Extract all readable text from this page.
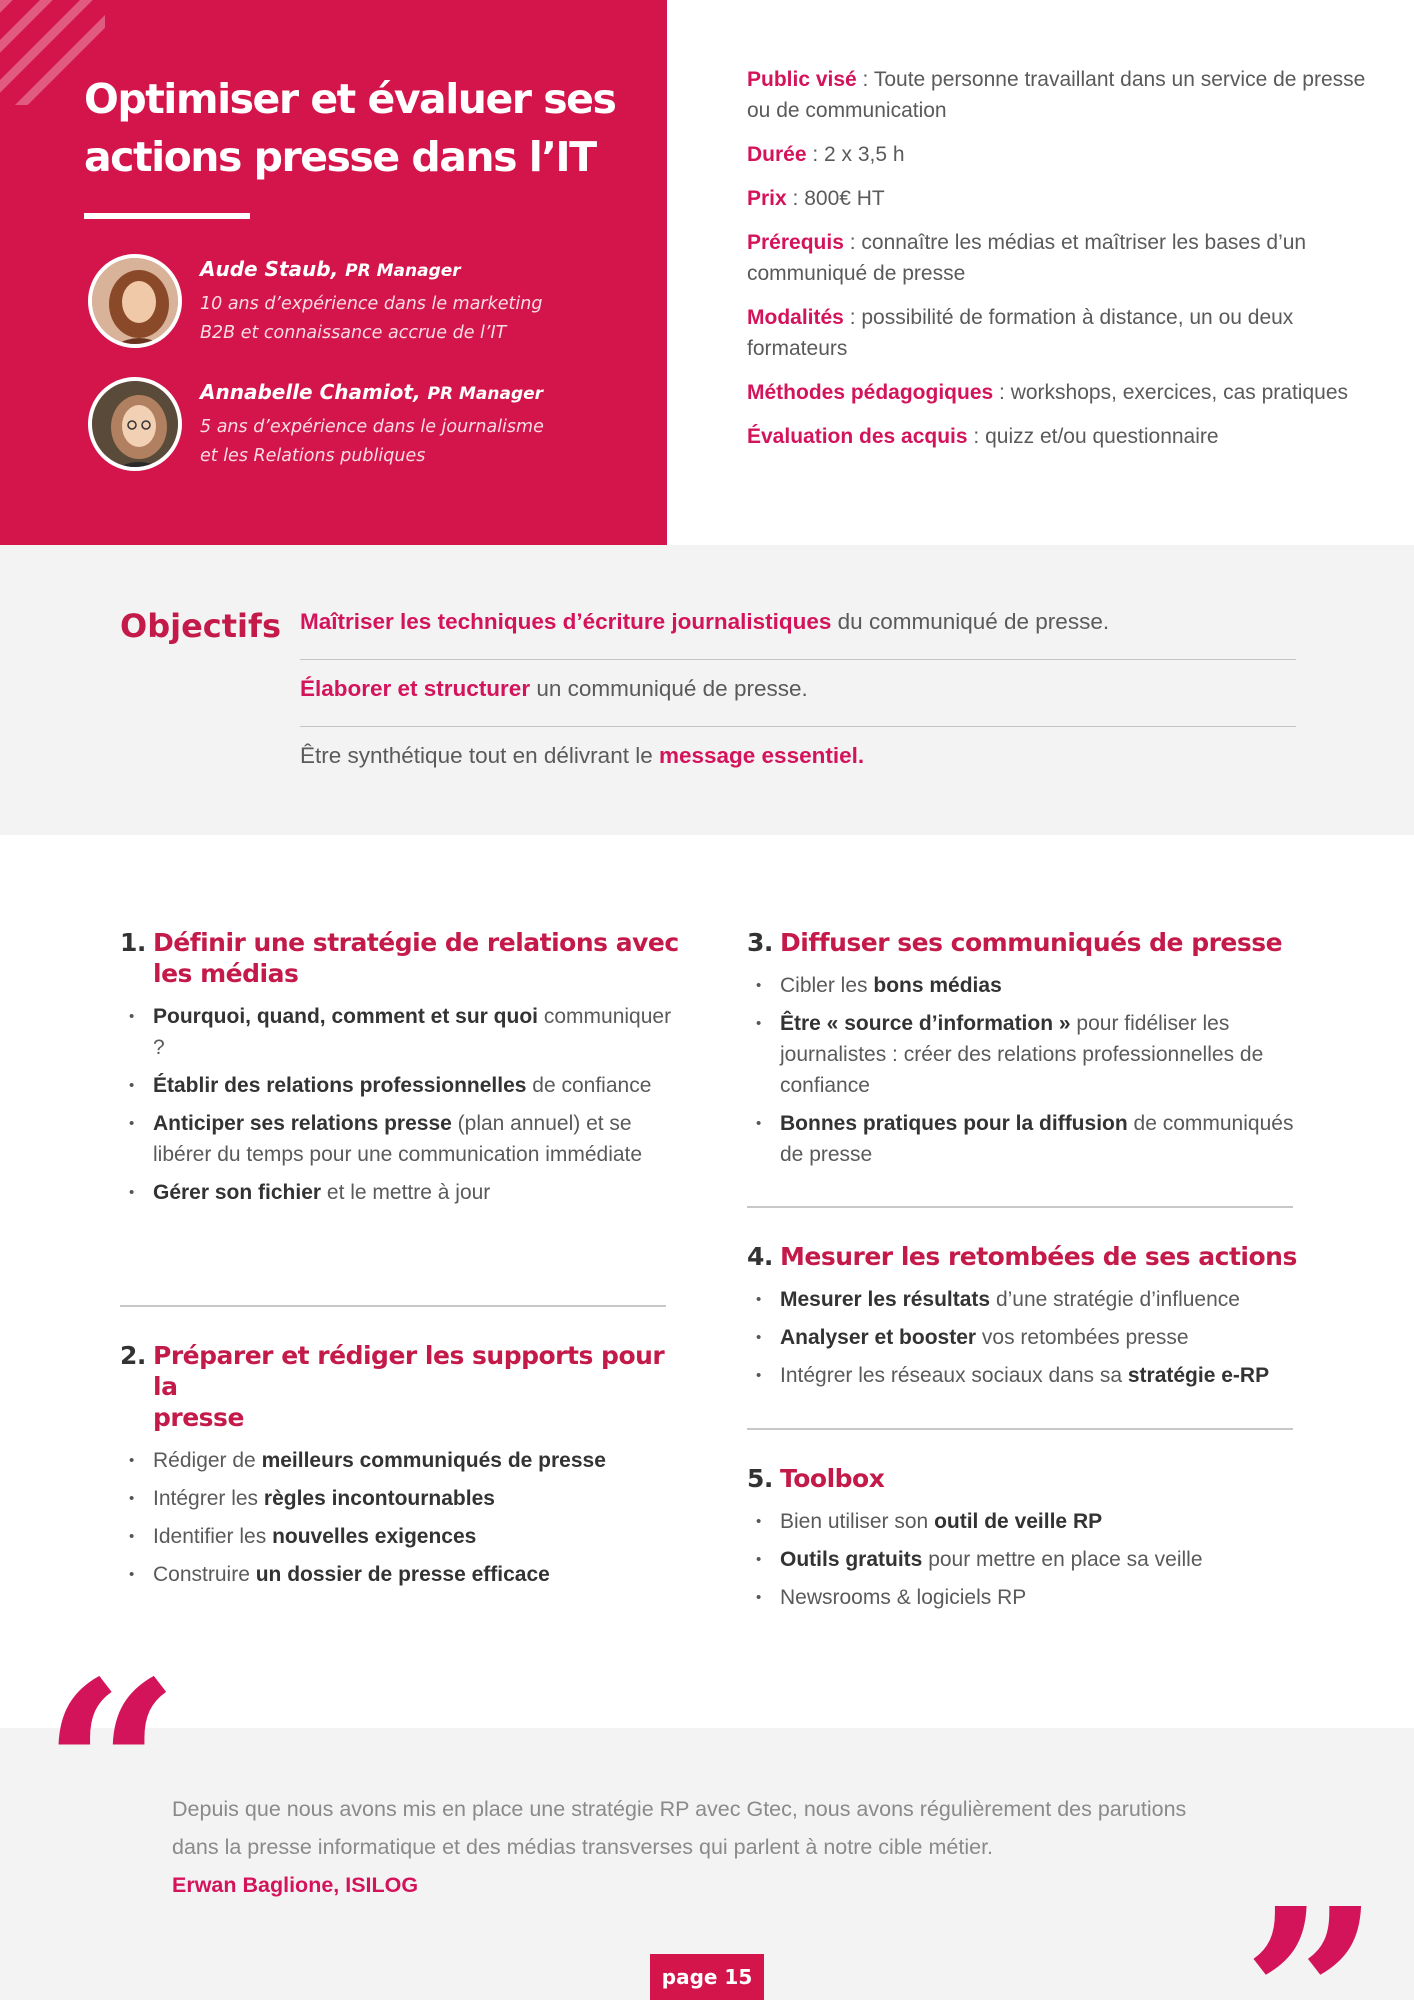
Optimiser et évaluer ses
actions presse dans l’IT
Aude Staub, PR Manager
10 ans d’expérience dans le marketing
B2B et connaissance accrue de l’IT
Annabelle Chamiot, PR Manager
5 ans d’expérience dans le journalisme
et les Relations publiques

Public visé : Toute personne travaillant dans un service de presse ou de communication

Durée : 2 x 3,5 h

Prix : 800€ HT

Prérequis : connaître les médias et maîtriser les bases d’un communiqué de presse

Modalités : possibilité de formation à distance, un ou deux formateurs

Méthodes pédagogiques : workshops, exercices, cas pratiques

Évaluation des acquis : quizz et/ou questionnaire

Objectifs Maîtriser les techniques d’écriture journalistiques du communiqué de presse.
Élaborer et structurer un communiqué de presse.
Être synthétique tout en délivrant le message essentiel.
1. Définir une stratégie de relations avec
les médias
• Pourquoi, quand, comment et sur quoi communiquer ?
• Établir des relations professionnelles de confiance
• Anticiper ses relations presse (plan annuel) et se libérer du temps pour une communication immédiate
• Gérer son fichier et le mettre à jour
2. Préparer et rédiger les supports pour la
presse
• Rédiger de meilleurs communiqués de presse
• Intégrer les règles incontournables
• Identifier les nouvelles exigences
• Construire un dossier de presse efficace
3. Diffuser ses communiqués de presse
• Cibler les bons médias
• Être « source d’information » pour fidéliser les journalistes : créer des relations professionnelles de confiance
• Bonnes pratiques pour la diffusion de communiqués de presse
4. Mesurer les retombées de ses actions
• Mesurer les résultats d’une stratégie d’influence
• Analyser et booster vos retombées presse
• Intégrer les réseaux sociaux dans sa stratégie e-RP
5. Toolbox
• Bien utiliser son outil de veille RP
• Outils gratuits pour mettre en place sa veille
• Newsrooms & logiciels RP
“
Depuis que nous avons mis en place une stratégie RP avec Gtec, nous avons régulièrement des parutions dans la presse informatique et des médias transverses qui parlent à notre cible métier.
Erwan Baglione, ISILOG	”
page 15
